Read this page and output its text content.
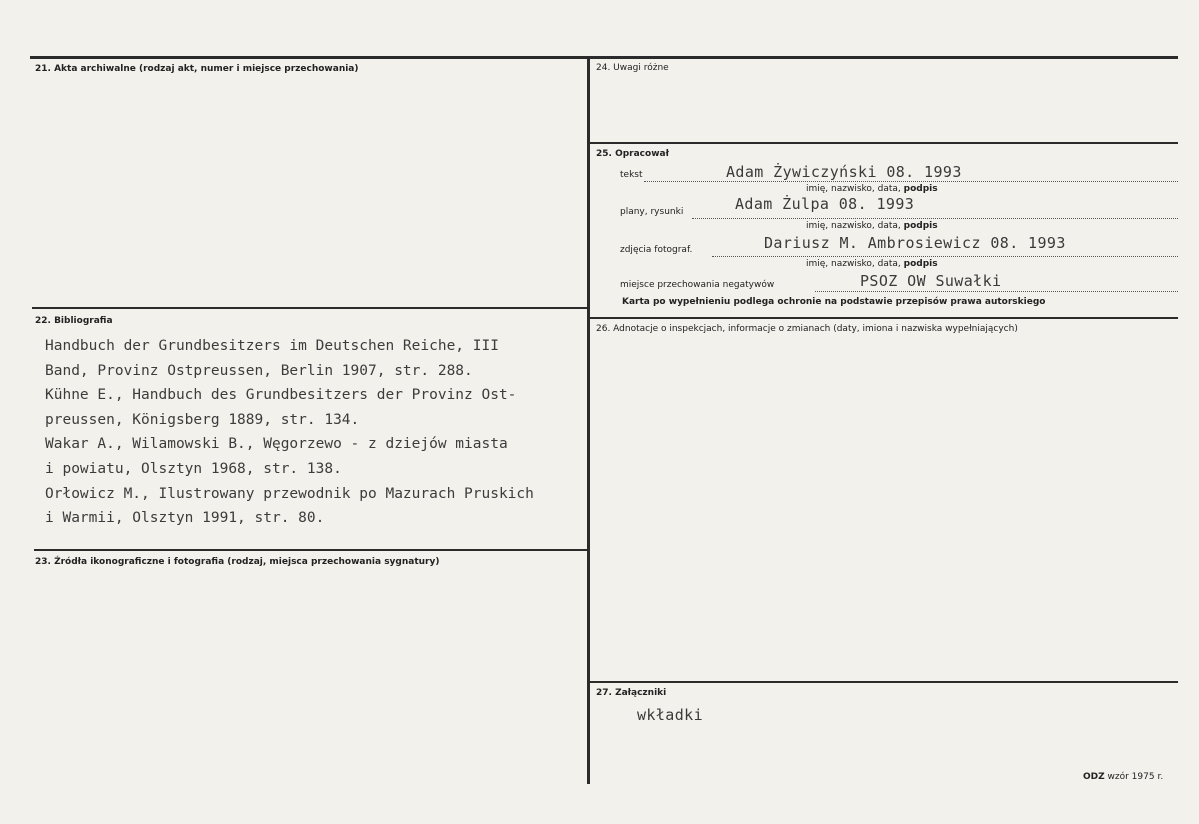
21. Akta archiwalne (rodzaj akt, numer i miejsce przechowania)
22. Bibliografia
Handbuch der Grundbesitzers im Deutschen Reiche, III
Band, Provinz Ostpreussen, Berlin 1907, str. 288.
Kühne E., Handbuch des Grundbesitzers der Provinz Ost-
preussen, Königsberg 1889, str. 134.
Wakar A., Wilamowski B., Węgorzewo - z dziejów miasta
i powiatu, Olsztyn 1968, str. 138.
Orłowicz M., Ilustrowany przewodnik po Mazurach Pruskich
i Warmii, Olsztyn 1991, str. 80.
23. Źródła ikonograficzne i fotografia (rodzaj, miejsca przechowania sygnatury)
24. Uwagi różne
25. Opracował
tekst	Adam Żywiczyński 08. 1993
imię, nazwisko, data, podpis
plany, rysunki	Adam Żulpa 08. 1993
imię, nazwisko, data, podpis
zdjęcia fotograf.	Dariusz M. Ambrosiewicz 08. 1993
imię, nazwisko, data, podpis
miejsce przechowania negatywów	PSOZ OW Suwałki
Karta po wypełnieniu podlega ochronie na podstawie przepisów prawa autorskiego
26. Adnotacje o inspekcjach, informacje o zmianach (daty, imiona i nazwiska wypełniających)
27. Załączniki
wkładki
ODZ wzór 1975 r.
